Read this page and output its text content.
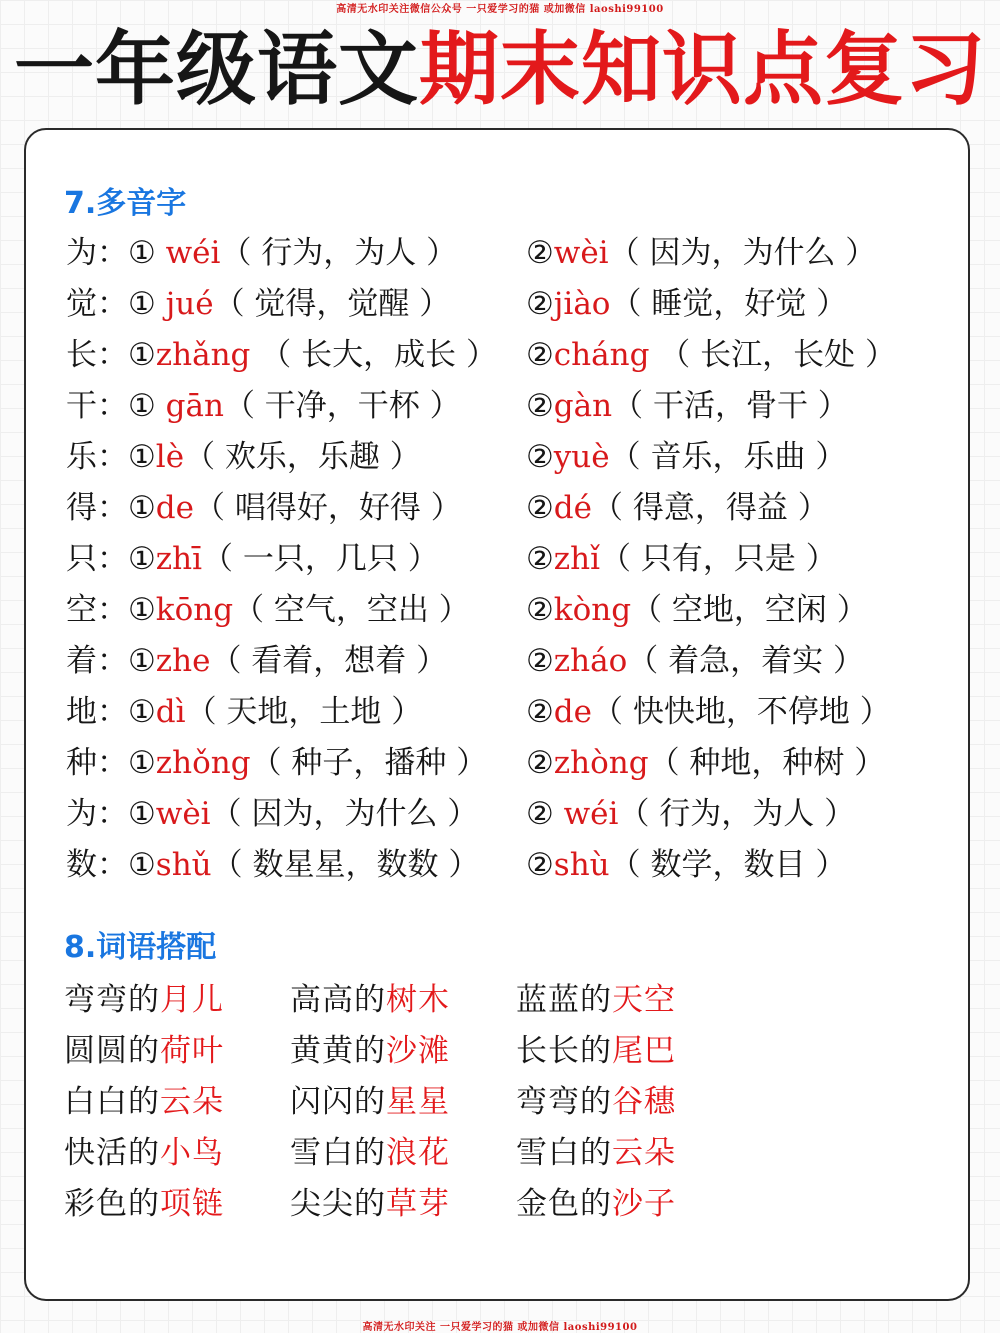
高清无水印关注微信公众号 一只爱学习的猫 或加微信 laoshi99100
一年级语文期末知识点复习
7.多音字
为：① wéi（ 行为，为人 ） ②wèi（ 因为，为什么 ）
觉：① jué（ 觉得，觉醒 ） ②jiào（ 睡觉，好觉 ）
长：①zhǎng （ 长大，成长 ） ②cháng （ 长江，长处 ）
干：① gān（ 干净，干杯 ） ②gàn（ 干活，骨干 ）
乐：①lè（ 欢乐，乐趣 ）	②yuè（ 音乐，乐曲 ）
得：①de（ 唱得好，好得 ） ②dé（ 得意，得益 ）
只：①zhī（ 一只，几只 ）	②zhǐ（ 只有，只是 ）
空：①kōng（ 空气，空出 ） ②kòng（ 空地，空闲 ）
着：①zhe（ 看着，想着 ）	②zháo（ 着急，着实 ）
地：①dì（ 天地，土地 ）	②de（ 快快地，不停地 ）
种：①zhǒng（ 种子，播种 ） ②zhòng（ 种地，种树 ）
为：①wèi（ 因为，为什么 ） ② wéi（ 行为，为人 ）
数：①shǔ（ 数星星，数数 ） ②shù（ 数学，数目 ）
8.词语搭配
弯弯的月儿 高高的树木 蓝蓝的天空
圆圆的荷叶 黄黄的沙滩 长长的尾巴
白白的云朵 闪闪的星星 弯弯的谷穗
快活的小鸟 雪白的浪花 雪白的云朵
彩色的项链 尖尖的草芽 金色的沙子
高清无水印关注 一只爱学习的猫 或加微信 laoshi99100
